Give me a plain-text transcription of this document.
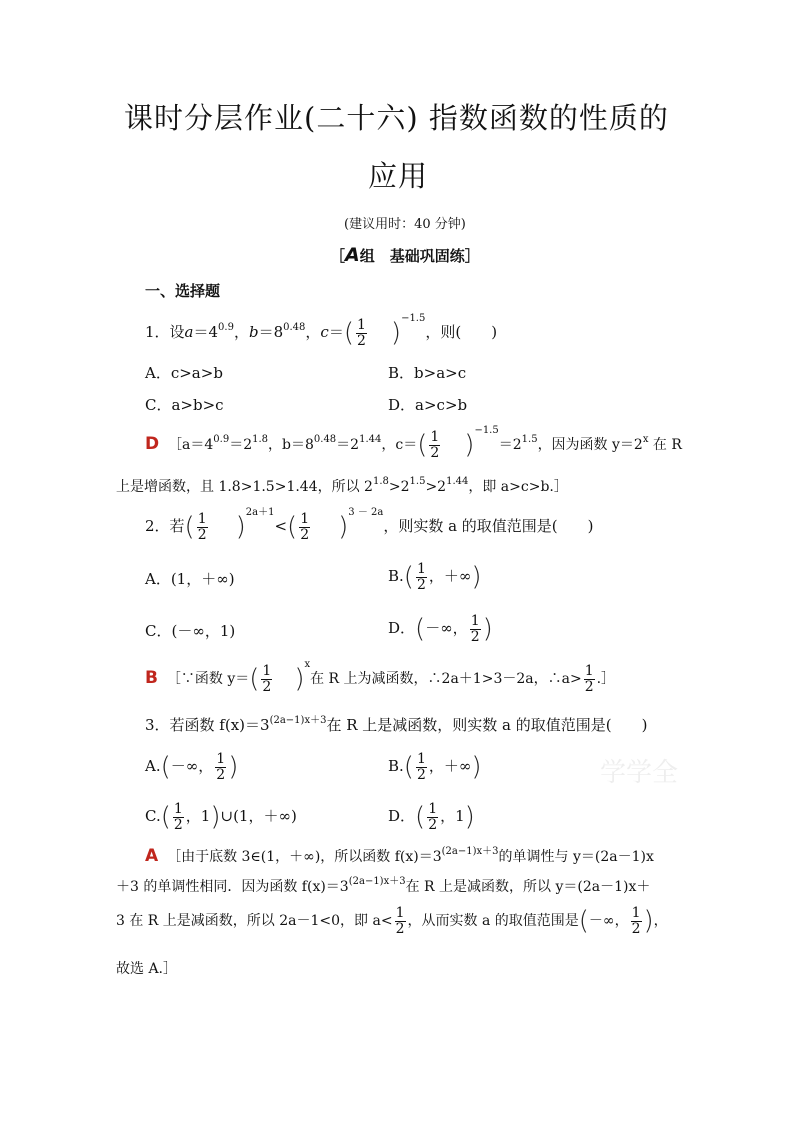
课时分层作业(二十六) 指数函数的性质的
应用
(建议用时：40 分钟)
［A组　基础巩固练］
一、选择题
1．设$a=4^{0.9}$，$b=8^{0.48}$，$c=( \frac{1}{2} )^{-1.5}$，则(　　)
A．c>a>b	B．b>a>c
C．a>b>c	D．a>c>b
D $[a=4^{0.9}=2^{1.8}$，$b=8^{0.48}=2^{1.44}$，$c=( \frac{1}{2} )^{-1.5}=2^{1.5}$，因为函数 $y=2^x$ 在 R
上是增函数，且 1.8>1.5>1.44，所以 $2^{1.8}>2^{1.5}>2^{1.44}$，即 a>c>b.］
2．若( $\frac{1}{2} )^{2a+1}<( \frac{1}{2} )^{3 - 2a}$，则实数 a 的取值范围是(　　)
A．(1，＋∞)	$B.( \frac{1}{2}$ ，＋∞)
C．(－∞，1)	D．(－∞， $\frac{1}{2}$ )
B ［∵函数 $y=( \frac{1}{2} )^x$在 R 上为减函数，∴2a＋1>3－2a，∴a> $\frac{1}{2}$ .］
3．若函数 $f(x)=3^{(2a-1)x+3}$在 R 上是减函数，则实数 a 的取值范围是(　　)
A.(－∞， $\frac{1}{2}$ )	$B.( \frac{1}{2}$ ，＋∞)
$C.( \frac{1}{2}$ ，1)∪(1，＋∞)	D．( $\frac{1}{2}$ ，1)
A ［由于底数 3∈(1，＋∞)，所以函数 $f(x)=3^{(2a-1)x+3}$的单调性与 y＝(2a－1)x
＋3 的单调性相同．因为函数 $f(x)=3^{(2a-1)x+3}$在 R 上是减函数，所以 y＝(2a－1)x＋
3 在 R 上是减函数，所以 2a－1<0，即 $a< \frac{1}{2}$ ，从而实数 a 的取值范围是(－∞， $\frac{1}{2}$ )，
故选 A.］
学学全
